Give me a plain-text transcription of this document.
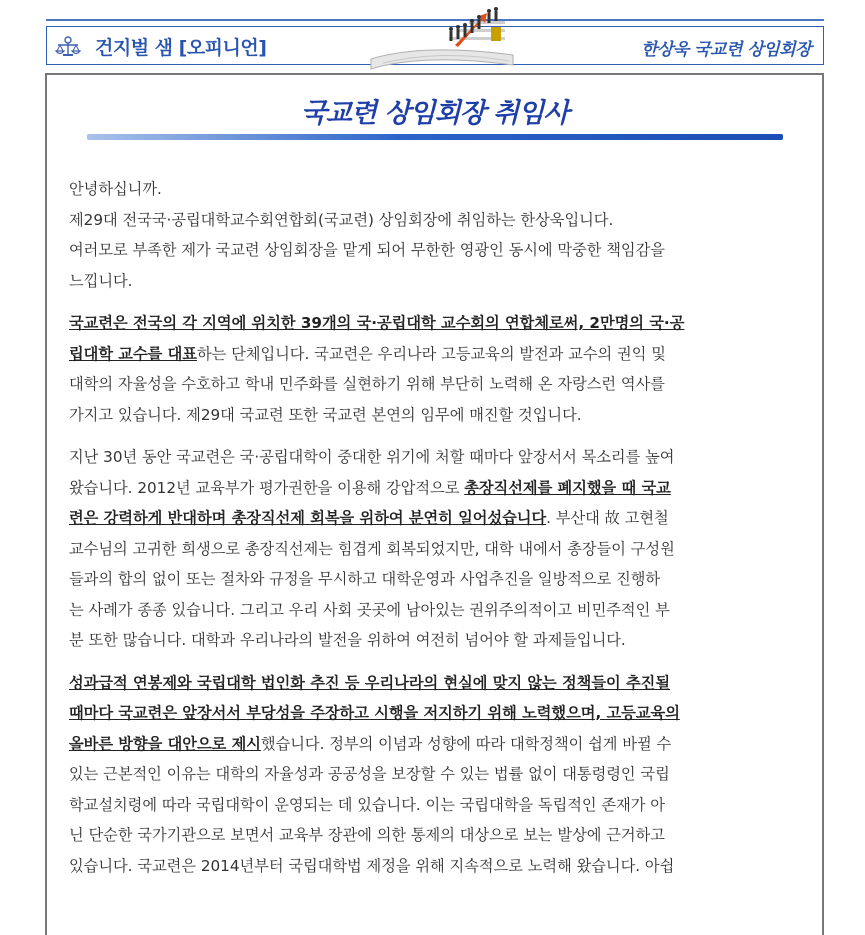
건지벌 샘 [오피니언]	한상욱 국교련 상임회장
국교련 상임회장 취임사

안녕하십니까.
제29대 전국국·공립대학교수회연합회(국교련) 상임회장에 취임하는 한상욱입니다.
여러모로 부족한 제가 국교련 상임회장을 맡게 되어 무한한 영광인 동시에 막중한 책임감을
느낍니다.

국교련은 전국의 각 지역에 위치한 39개의 국·공립대학 교수회의 연합체로써, 2만명의 국·공
립대학 교수를 대표하는 단체입니다. 국교련은 우리나라 고등교육의 발전과 교수의 권익 및
대학의 자율성을 수호하고 학내 민주화를 실현하기 위해 부단히 노력해 온 자랑스런 역사를
가지고 있습니다. 제29대 국교련 또한 국교련 본연의 임무에 매진할 것입니다.

지난 30년 동안 국교련은 국·공립대학이 중대한 위기에 처할 때마다 앞장서서 목소리를 높여
왔습니다. 2012년 교육부가 평가권한을 이용해 강압적으로 총장직선제를 폐지했을 때 국교
련은 강력하게 반대하며 총장직선제 회복을 위하여 분연히 일어섰습니다. 부산대 故 고현철
교수님의 고귀한 희생으로 총장직선제는 힘겹게 회복되었지만, 대학 내에서 총장들이 구성원
들과의 합의 없이 또는 절차와 규정을 무시하고 대학운영과 사업추진을 일방적으로 진행하
는 사례가 종종 있습니다. 그리고 우리 사회 곳곳에 남아있는 권위주의적이고 비민주적인 부
분 또한 많습니다. 대학과 우리나라의 발전을 위하여 여전히 넘어야 할 과제들입니다.

성과급적 연봉제와 국립대학 법인화 추진 등 우리나라의 현실에 맞지 않는 정책들이 추진될
때마다 국교련은 앞장서서 부당성을 주장하고 시행을 저지하기 위해 노력했으며, 고등교육의
올바른 방향을 대안으로 제시했습니다. 정부의 이념과 성향에 따라 대학정책이 쉽게 바뀔 수
있는 근본적인 이유는 대학의 자율성과 공공성을 보장할 수 있는 법률 없이 대통령령인 국립
학교설치령에 따라 국립대학이 운영되는 데 있습니다. 이는 국립대학을 독립적인 존재가 아
닌 단순한 국가기관으로 보면서 교육부 장관에 의한 통제의 대상으로 보는 발상에 근거하고
있습니다. 국교련은 2014년부터 국립대학법 제정을 위해 지속적으로 노력해 왔습니다. 아쉽
